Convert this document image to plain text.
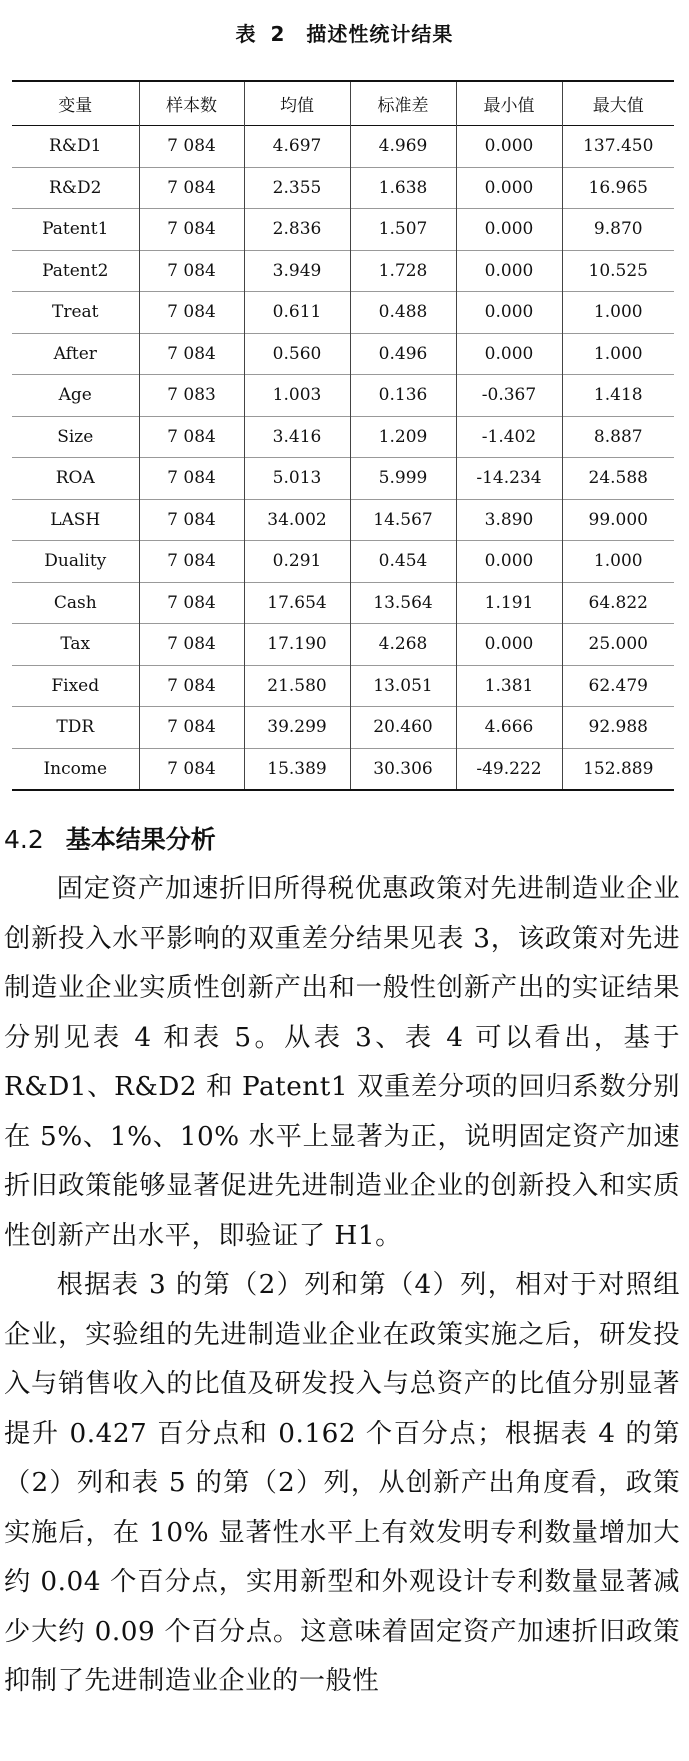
表 2　描述性统计结果
变量	样本数	均值	标准差	最小值	最大值
R&D1	7 084	4.697	4.969	0.000	137.450
R&D2	7 084	2.355	1.638	0.000	16.965
Patent1	7 084	2.836	1.507	0.000	9.870
Patent2	7 084	3.949	1.728	0.000	10.525
Treat	7 084	0.611	0.488	0.000	1.000
After	7 084	0.560	0.496	0.000	1.000
Age	7 083	1.003	0.136	-0.367	1.418
Size	7 084	3.416	1.209	-1.402	8.887
ROA	7 084	5.013	5.999	-14.234	24.588
LASH	7 084	34.002	14.567	3.890	99.000
Duality	7 084	0.291	0.454	0.000	1.000
Cash	7 084	17.654	13.564	1.191	64.822
Tax	7 084	17.190	4.268	0.000	25.000
Fixed	7 084	21.580	13.051	1.381	62.479
TDR	7 084	39.299	20.460	4.666	92.988
Income	7 084	15.389	30.306	-49.222	152.889
4.2 基本结果分析

固定资产加速折旧所得税优惠政策对先进制造业企业创新投入水平影响的双重差分结果见表 3，该政策对先进制造业企业实质性创新产出和一般性创新产出的实证结果分别见表 4 和表 5。从表 3、表 4 可以看出，基于 R&D1、R&D2 和 Patent1 双重差分项的回归系数分别在 5%、1%、10% 水平上显著为正，说明固定资产加速折旧政策能够显著促进先进制造业企业的创新投入和实质性创新产出水平，即验证了 H1。

根据表 3 的第（2）列和第（4）列，相对于对照组企业，实验组的先进制造业企业在政策实施之后，研发投入与销售收入的比值及研发投入与总资产的比值分别显著提升 0.427 百分点和 0.162 个百分点；根据表 4 的第（2）列和表 5 的第（2）列，从创新产出角度看，政策实施后，在 10% 显著性水平上有效发明专利数量增加大约 0.04 个百分点，实用新型和外观设计专利数量显著减少大约 0.09 个百分点。这意味着固定资产加速折旧政策抑制了先进制造业企业的一般性
